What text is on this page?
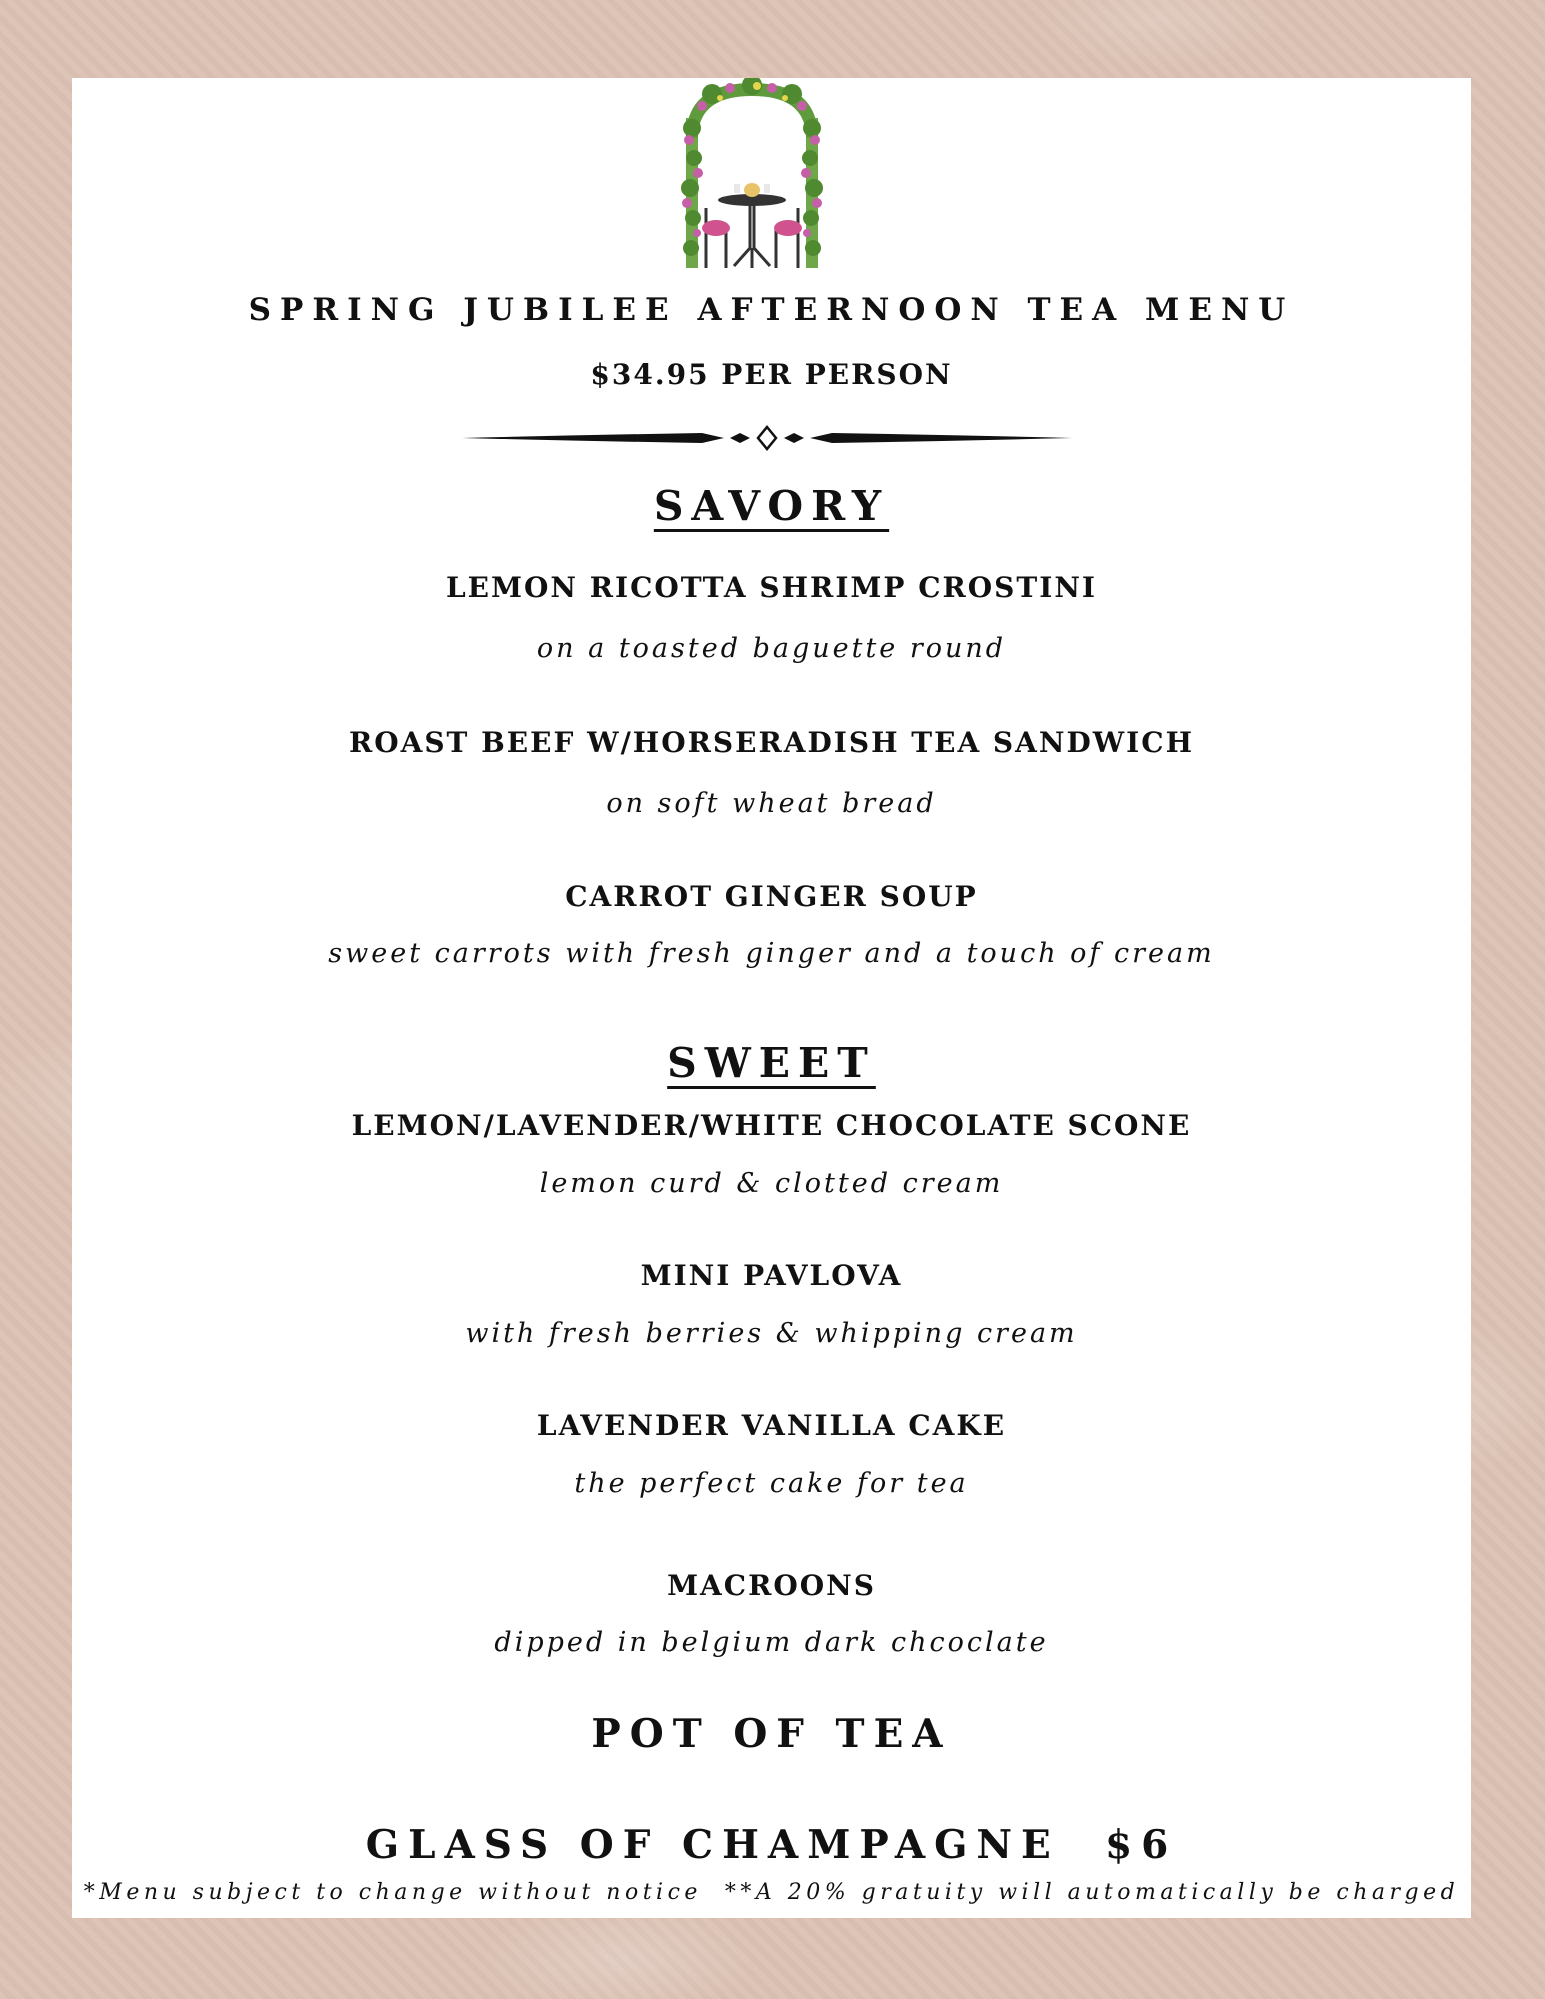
SPRING JUBILEE AFTERNOON TEA MENU
$34.95 PER PERSON
SAVORY
LEMON RICOTTA SHRIMP CROSTINI
on a toasted baguette round
ROAST BEEF W/HORSERADISH TEA SANDWICH
on soft wheat bread
CARROT GINGER SOUP
sweet carrots with fresh ginger and a touch of cream
SWEET
LEMON/LAVENDER/WHITE CHOCOLATE SCONE
lemon curd & clotted cream
MINI PAVLOVA
with fresh berries & whipping cream
LAVENDER VANILLA CAKE
the perfect cake for tea
MACROONS
dipped in belgium dark chcoclate
POT OF TEA
GLASS OF CHAMPAGNE  $6
*Menu subject to change without notice  **A 20% gratuity will automatically be charged
